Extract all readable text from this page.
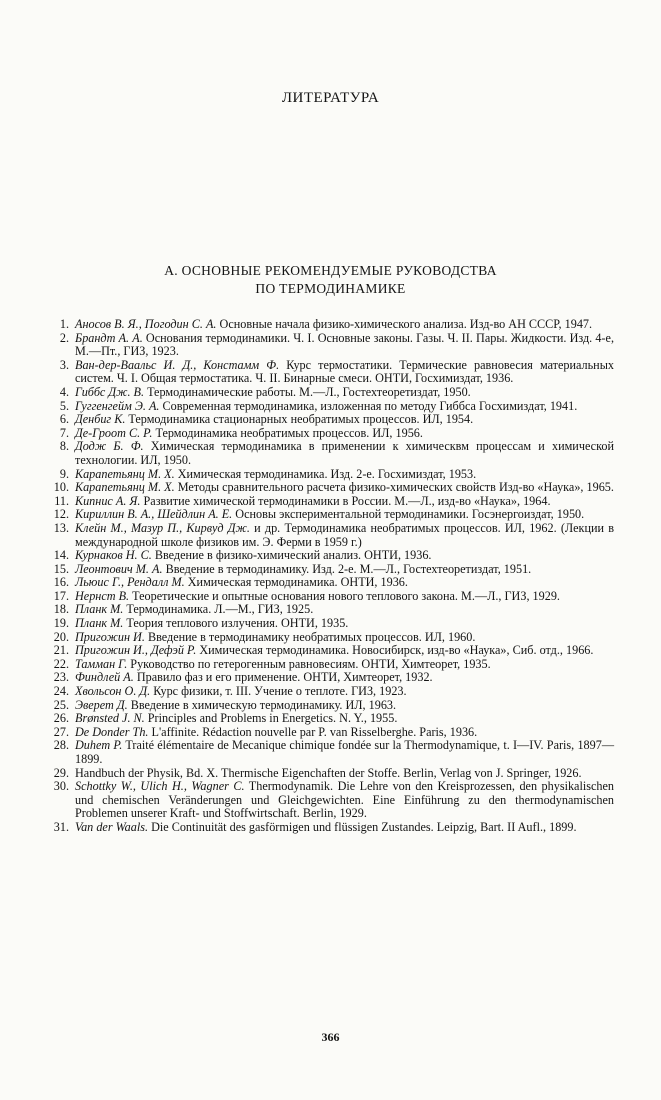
ЛИТЕРАТУРА
А. ОСНОВНЫЕ РЕКОМЕНДУЕМЫЕ РУКОВОДСТВА
ПО ТЕРМОДИНАМИКЕ
1. Аносов В. Я., Погодин С. А. Основные начала физико-химического анализа. Изд-во АН СССР, 1947.
2. Брандт А. А. Основания термодинамики. Ч. I. Основные законы. Газы. Ч. II. Пары. Жидкости. Изд. 4-е, М.—Пт., ГИЗ, 1923.
3. Ван-дер-Ваальс И. Д., Констамм Ф. Курс термостатики. Термические равновесия материальных систем. Ч. I. Общая термостатика. Ч. II. Бинарные смеси. ОНТИ, Госхимиздат, 1936.
4. Гиббс Дж. В. Термодинамические работы. М.—Л., Гостехтеоретиздат, 1950.
5. Гуггенгейм Э. А. Современная термодинамика, изложенная по методу Гиббса Госхимиздат, 1941.
6. Денбиг К. Термодинамика стационарных необратимых процессов. ИЛ, 1954.
7. Де-Гроот С. Р. Термодинамика необратимых процессов. ИЛ, 1956.
8. Додж Б. Ф. Химическая термодинамика в применении к химическвм процессам и химической технологии. ИЛ, 1950.
9. Карапетьянц М. Х. Химическая термодинамика. Изд. 2-е. Госхимиздат, 1953.
10. Карапетьянц М. Х. Методы сравнительного расчета физико-химических свойств Изд-во «Наука», 1965.
11. Кипнис А. Я. Развитие химической термодинамики в России. М.—Л., изд-во «Наука», 1964.
12. Кириллин В. А., Шейдлин А. Е. Основы экспериментальной термодинамики. Госэнергоиздат, 1950.
13. Клейн М., Мазур П., Кирвуд Дж. и др. Термодинамика необратимых процессов. ИЛ, 1962. (Лекции в международной школе физиков им. Э. Ферми в 1959 г.)
14. Курнаков Н. С. Введение в физико-химический анализ. ОНТИ, 1936.
15. Леонтович М. А. Введение в термодинамику. Изд. 2-е. М.—Л., Гостехтеоретиздат, 1951.
16. Льюис Г., Рендалл М. Химическая термодинамика. ОНТИ, 1936.
17. Нернст В. Теоретические и опытные основания нового теплового закона. М.—Л., ГИЗ, 1929.
18. Планк М. Термодинамика. Л.—М., ГИЗ, 1925.
19. Планк М. Теория теплового излучения. ОНТИ, 1935.
20. Пригожин И. Введение в термодинамику необратимых процессов. ИЛ, 1960.
21. Пригожин И., Дефэй Р. Химическая термодинамика. Новосибирск, изд-во «Наука», Сиб. отд., 1966.
22. Тамман Г. Руководство по гетерогенным равновесиям. ОНТИ, Химтеорет, 1935.
23. Финдлей А. Правило фаз и его применение. ОНТИ, Химтеорет, 1932.
24. Хвольсон О. Д. Курс физики, т. III. Учение о теплоте. ГИЗ, 1923.
25. Эверет Д. Введение в химическую термодинамику. ИЛ, 1963.
26. Brønsted J. N. Principles and Problems in Energetics. N. Y., 1955.
27. De Donder Th. L'affinite. Rédaction nouvelle par P. van Risselberghe. Paris, 1936.
28. Duhem P. Traité élémentaire de Mecanique chimique fondée sur la Thermodynamique, t. I—IV. Paris, 1897—1899.
29. Handbuch der Physik, Bd. X. Thermische Eigenchaften der Stoffe. Berlin, Verlag von J. Springer, 1926.
30. Schottky W., Ulich H., Wagner C. Thermodynamik. Die Lehre von den Kreisprozessen, den physikalischen und chemischen Veränderungen und Gleichgewichten. Eine Einführung zu den thermodynamischen Problemen unserer Kraft- und Stoffwirtschaft. Berlin, 1929.
31. Van der Waals. Die Continuität des gasförmigen und flüssigen Zustandes. Leipzig, Bart. II Aufl., 1899.
366
